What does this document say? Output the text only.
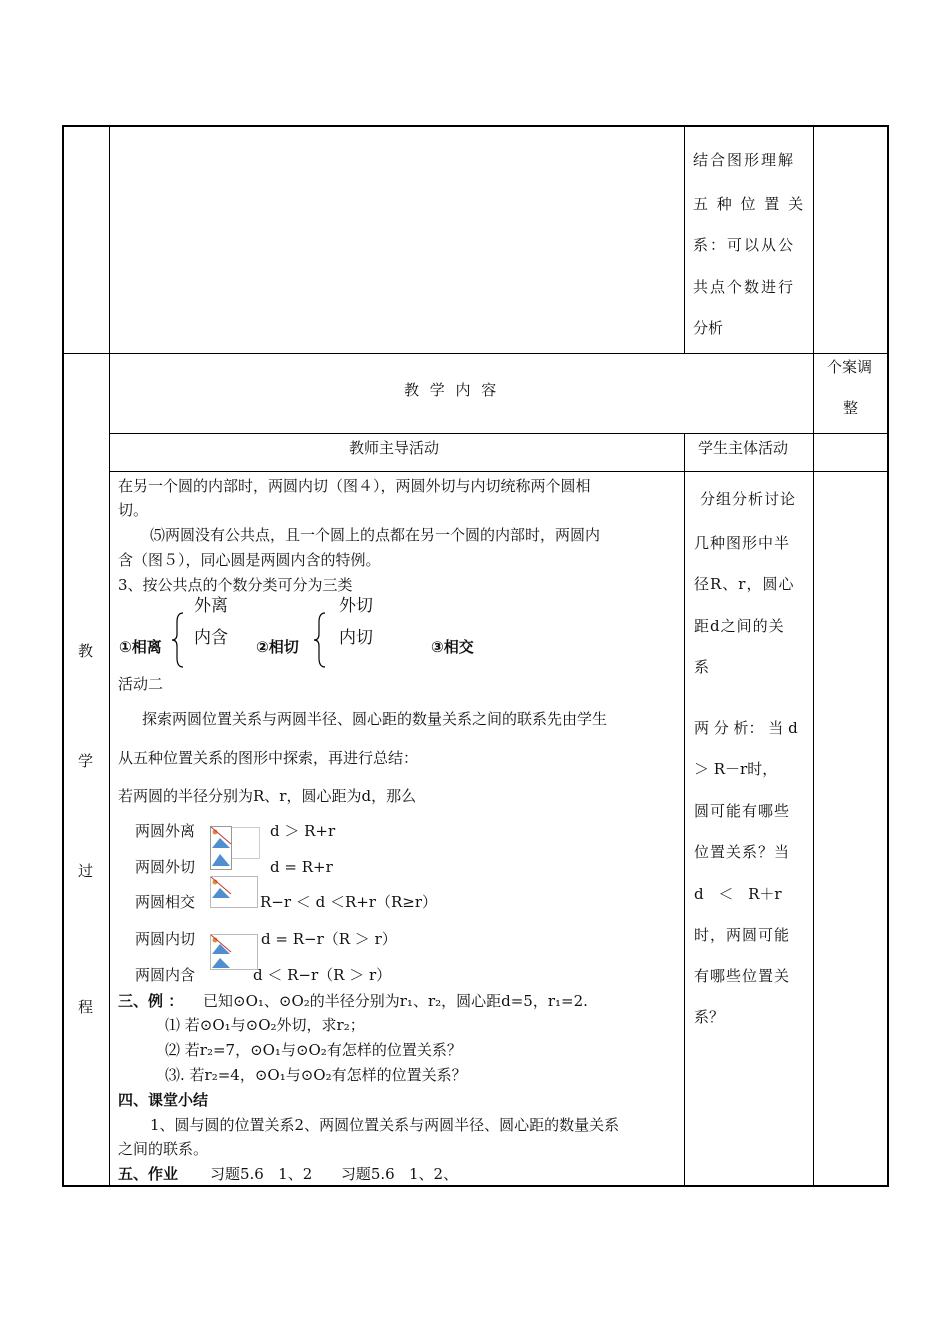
结合图形理解
五 种 位 置 关
系：可以从公
共点个数进行
分析
教 学 内 容
个案调
整
教师主导活动	学生主体活动
教
学
过
程
在另一个圆的内部时，两圆内切（图４），两圆外切与内切统称两个圆相
切。
⑸两圆没有公共点，且一个圆上的点都在另一个圆的内部时，两圆内
含（图５），同心圆是两圆内含的特例。
3、按公共点的个数分类可分为三类
外离
内含
①相离
外切
内切
②相切	③相交
活动二
探索两圆位置关系与两圆半径、圆心距的数量关系之间的联系先由学生
从五种位置关系的图形中探索，再进行总结：
若两圆的半径分别为R、r，圆心距为d，那么
两圆外离
两圆外切
两圆相交
两圆内切
两圆内含
d ＞ R+r
d = R+r
R−r ＜ d ＜R+r（R≥r）
d = R−r（R ＞ r）
d ＜ R−r（R ＞ r）
三、例 ： 已知⊙O₁、⊙O₂的半径分别为r₁、r₂，圆心距d=5，r₁=2.
⑴ 若⊙O₁与⊙O₂外切，求r₂；
⑵ 若r₂=7，⊙O₁与⊙O₂有怎样的位置关系？
⑶. 若r₂=4，⊙O₁与⊙O₂有怎样的位置关系？
四、课堂小结
1、圆与圆的位置关系2、两圆位置关系与两圆半径、圆心距的数量关系
之间的联系。
五、作业 习题5.6   1、2      习题5.6   1、2、
分组分析讨论
几种图形中半
径R、r，圆心
距d之间的关
系
两 分 析： 当 d
＞ R－r时，
圆可能有哪些
位置关系？当
d ＜ R＋r
时，两圆可能
有哪些位置关
系？
